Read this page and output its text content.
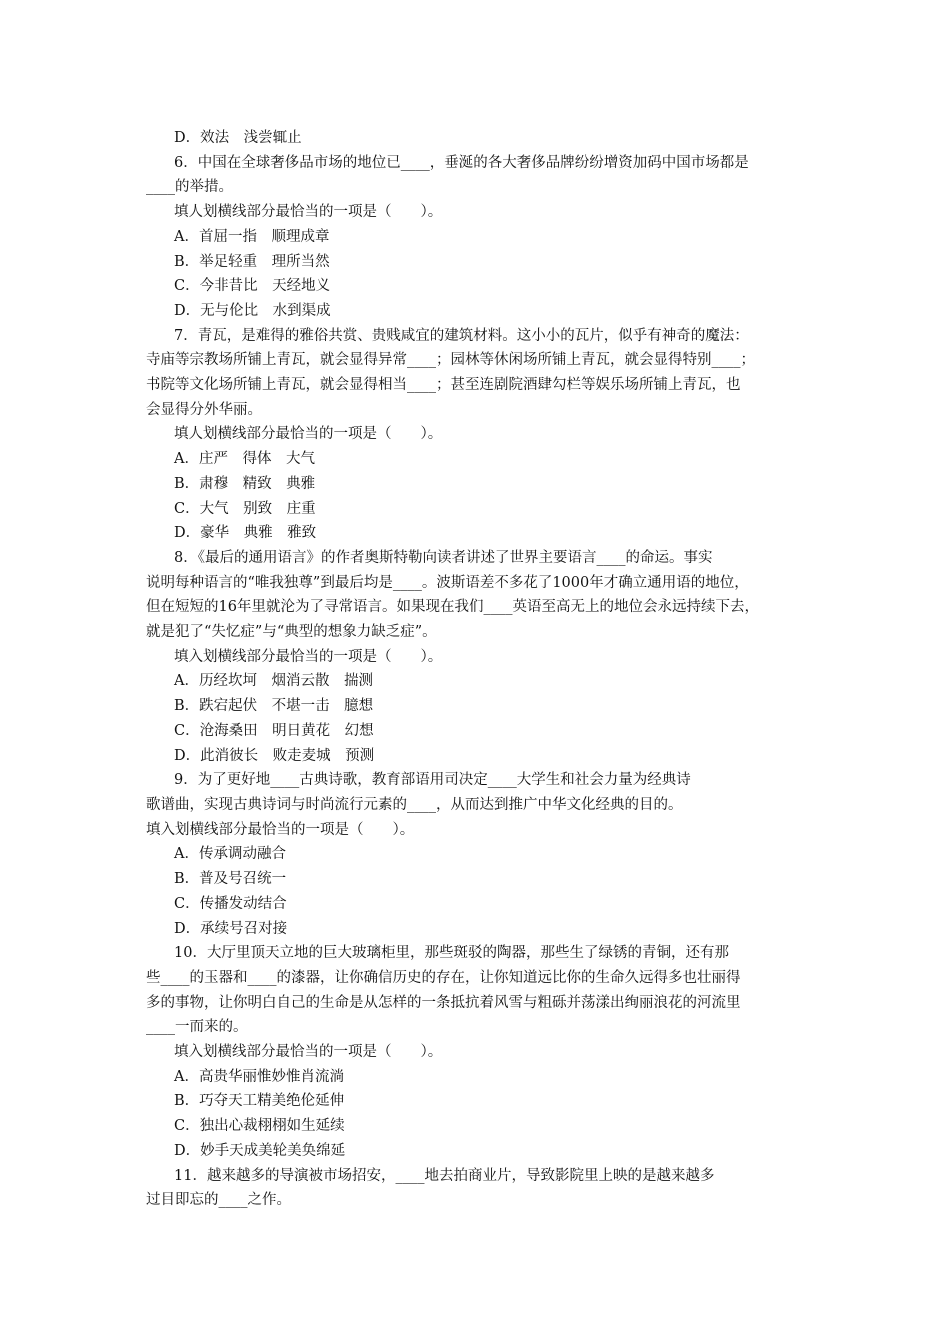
D．效法　浅尝辄止

6．中国在全球奢侈品市场的地位已____，垂涎的各大奢侈品牌纷纷增资加码中国市场都是

____的举措。

填人划横线部分最恰当的一项是（　　）。

A．首屈一指　顺理成章

B．举足轻重　理所当然

C．今非昔比　天经地义

D．无与伦比　水到渠成

7．青瓦，是难得的雅俗共赏、贵贱咸宜的建筑材料。这小小的瓦片，似乎有神奇的魔法：

寺庙等宗教场所铺上青瓦，就会显得异常____；园林等休闲场所铺上青瓦，就会显得特别____；

书院等文化场所铺上青瓦，就会显得相当____；甚至连剧院酒肆勾栏等娱乐场所铺上青瓦，也

会显得分外华丽。

填人划横线部分最恰当的一项是（　　）。

A．庄严　得体　大气

B．肃穆　精致　典雅

C．大气　别致　庄重

D．豪华　典雅　雅致

8．《最后的通用语言》的作者奥斯特勒向读者讲述了世界主要语言____的命运。事实

说明每种语言的“唯我独尊”到最后均是____。波斯语差不多花了1000年才确立通用语的地位，

但在短短的16年里就沦为了寻常语言。如果现在我们____英语至高无上的地位会永远持续下去，

就是犯了“失忆症”与“典型的想象力缺乏症”。

填入划横线部分最恰当的一项是（　　）。

A．历经坎坷　烟消云散　揣测

B．跌宕起伏　不堪一击　臆想

C．沧海桑田　明日黄花　幻想

D．此消彼长　败走麦城　预测

9．为了更好地____古典诗歌，教育部语用司决定____大学生和社会力量为经典诗

歌谱曲，实现古典诗词与时尚流行元素的____，从而达到推广中华文化经典的目的。

填入划横线部分最恰当的一项是（　　）。

A．传承调动融合

B．普及号召统一

C．传播发动结合

D．承续号召对接

10．大厅里顶天立地的巨大玻璃柜里，那些斑驳的陶器，那些生了绿锈的青铜，还有那

些____的玉器和____的漆器，让你确信历史的存在，让你知道远比你的生命久远得多也壮丽得

多的事物，让你明白自己的生命是从怎样的一条抵抗着风雪与粗砾并荡漾出绚丽浪花的河流里

____一而来的。

填入划横线部分最恰当的一项是（　　）。

A．高贵华丽惟妙惟肖流淌

B．巧夺天工精美绝伦延伸

C．独出心裁栩栩如生延续

D．妙手天成美轮美奂绵延

11．越来越多的导演被市场招安，____地去拍商业片，导致影院里上映的是越来越多

过目即忘的____之作。
